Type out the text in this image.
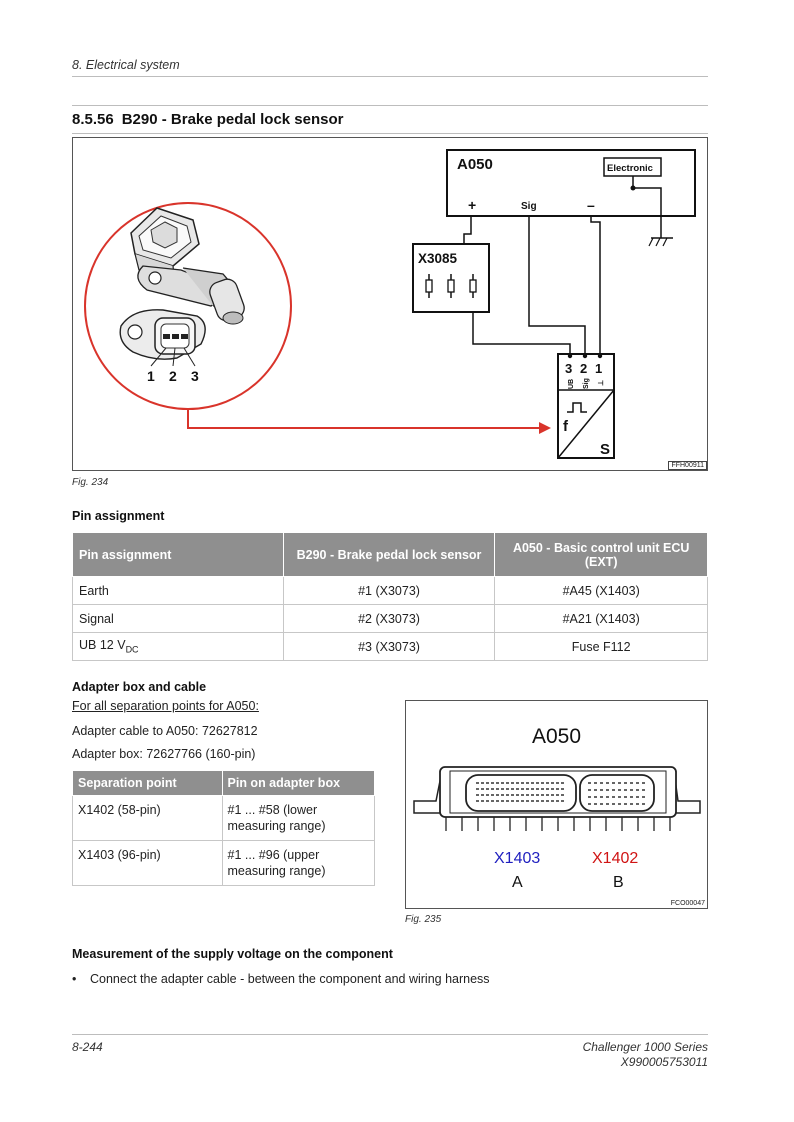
8. Electrical system
8.5.56 B290 - Brake pedal lock sensor
A050
+	Sig	–
Electronic
X3085
3 2 1
UB Sig ⊥
f
S
1 2 3
FFH00911
Fig. 234
Pin assignment
Pin assignment	B290 - Brake pedal lock sensor	A050 - Basic control unit ECU (EXT)
Earth	#1 (X3073)	#A45 (X1403)
Signal	#2 (X3073)	#A21 (X1403)
UB 12 $V_{DC}$	#3 (X3073)	Fuse F112
Adapter box and cable
For all separation points for A050:
Adapter cable to A050: 72627812
Adapter box: 72627766 (160-pin)
Separation point	Pin on adapter box
X1402 (58-pin)	#1 ... #58 (lower measuring range)
X1403 (96-pin)	#1 ... #96 (upper measuring range)
A050
X1403	X1402
A	B
FCO00047
Fig. 235
Measurement of the supply voltage on the component
• Connect the adapter cable - between the component and wiring harness
8-244	Challenger 1000 Series
X990005753011
